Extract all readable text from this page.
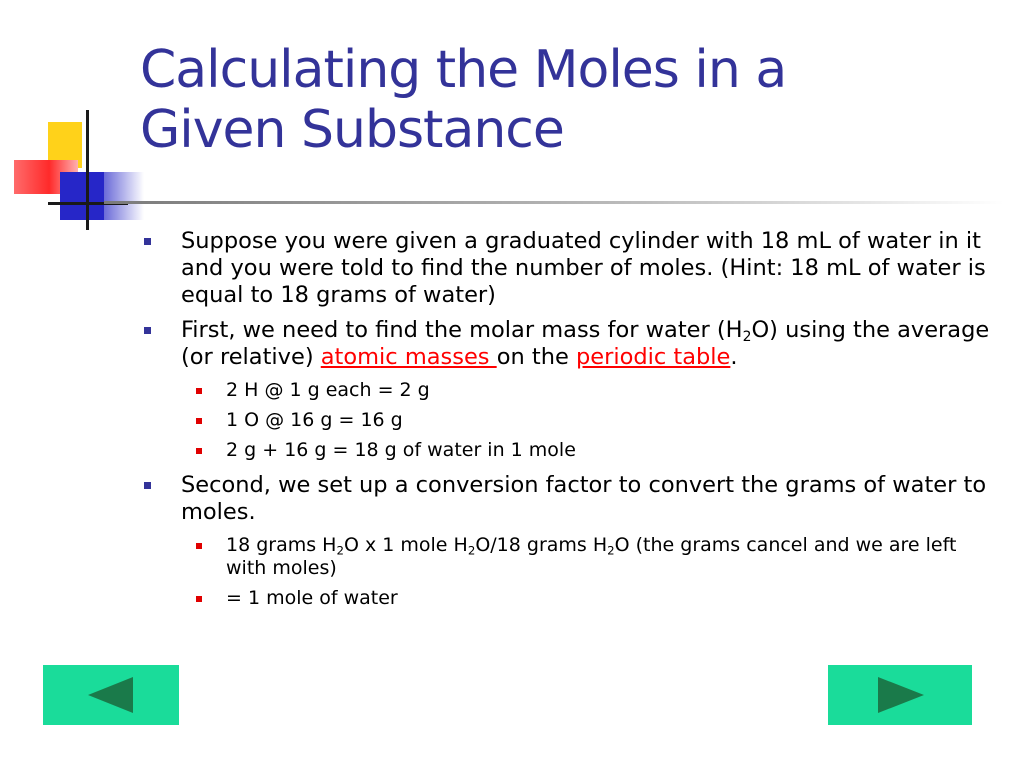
Calculating the Moles in a
Given Substance
Suppose you were given a graduated cylinder with 18 mL of water in it and you were told to find the number of moles. (Hint: 18 mL of water is equal to 18 grams of water)
First, we need to find the molar mass for water $(H_2O)$ using the average (or relative) atomic masses on the periodic table.
2 H @ 1 g each = 2 g
1 O @ 16 g = 16 g
2 g + 16 g = 18 g of water in 1 mole
Second, we set up a conversion factor to convert the grams of water to moles.
18 grams $H_2O$ x 1 mole $H_2O/18$ grams $H_2O$ (the grams cancel and we are left with moles)
= 1 mole of water
